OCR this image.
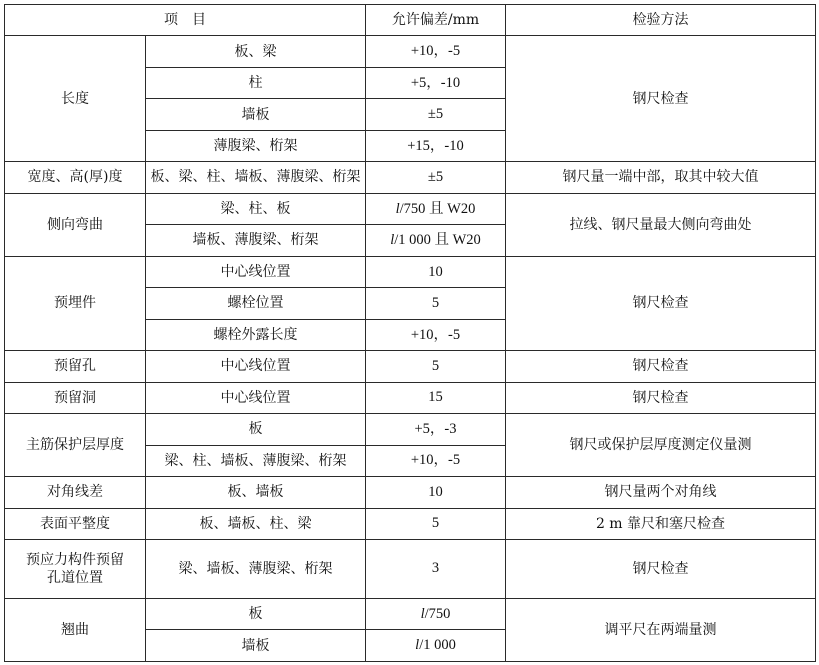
项　目		允许偏差/mm	检验方法
长度	板、梁	+10，-5	钢尺检查
	柱	+5，-10	
	墙板	±5	
	薄腹梁、桁架	+15，-10	
宽度、高(厚)度	板、梁、柱、墙板、薄腹梁、桁架	±5	钢尺量一端中部，取其中较大值
侧向弯曲	梁、柱、板	l/750 且 W20	拉线、钢尺量最大侧向弯曲处
	墙板、薄腹梁、桁架	l/1 000 且 W20	
预埋件	中心线位置	10	钢尺检查
	螺栓位置	5	
	螺栓外露长度	+10，-5	
预留孔	中心线位置	5	钢尺检查
预留洞	中心线位置	15	钢尺检查
主筋保护层厚度	板	+5，-3	钢尺或保护层厚度测定仪量测
	梁、柱、墙板、薄腹梁、桁架	+10，-5	
对角线差	板、墙板	10	钢尺量两个对角线
表面平整度	板、墙板、柱、梁	5	2 m 靠尺和塞尺检查
预应力构件预留
孔道位置	梁、墙板、薄腹梁、桁架	3	钢尺检查
翘曲	板	l/750	调平尺在两端量测
	墙板	l/1 000	
